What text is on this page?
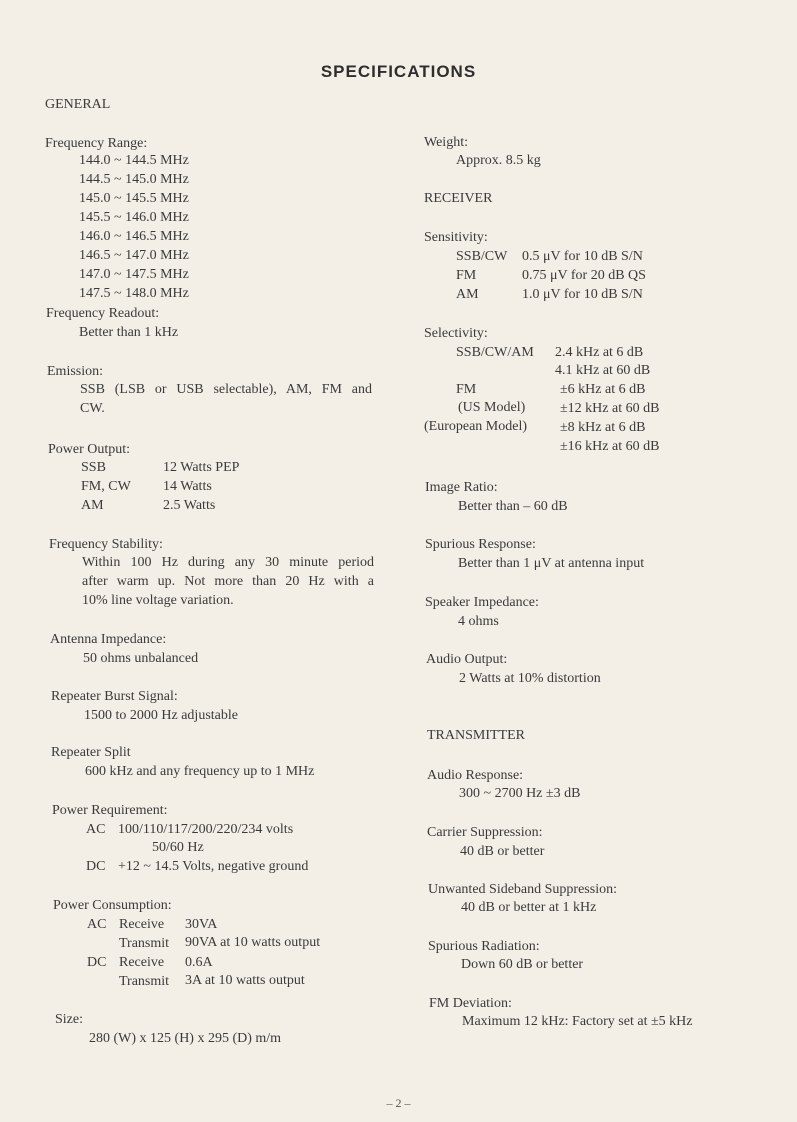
SPECIFICATIONS
GENERAL
Frequency Range:
144.0 ~ 144.5 MHz
144.5 ~ 145.0 MHz
145.0 ~ 145.5 MHz
145.5 ~ 146.0 MHz
146.0 ~ 146.5 MHz
146.5 ~ 147.0 MHz
147.0 ~ 147.5 MHz
147.5 ~ 148.0 MHz
Frequency Readout:
Better than 1 kHz
Emission:
SSB (LSB or USB selectable), AM, FM and
CW.
Power Output:
SSB	12 Watts PEP
FM, CW 14 Watts
AM	2.5 Watts
Frequency Stability:
Within 100 Hz during any 30 minute period
after warm up. Not more than 20 Hz with a
10% line voltage variation.
Antenna Impedance:
50 ohms unbalanced
Repeater Burst Signal:
1500 to 2000 Hz adjustable
Repeater Split
600 kHz and any frequency up to 1 MHz
Power Requirement:
AC 100/110/117/200/220/234 volts
50/60 Hz
DC +12 ~ 14.5 Volts, negative ground
Power Consumption:
AC Receive 30VA
Transmit 90VA at 10 watts output
DC Receive 0.6A
Transmit 3A at 10 watts output
Size:
280 (W) x 125 (H) x 295 (D) m/m
Weight:
Approx. 8.5 kg
RECEIVER
Sensitivity:
SSB/CW 0.5 μV for 10 dB S/N
FM	0.75 μV for 20 dB QS
AM	1.0 μV for 10 dB S/N
Selectivity:
SSB/CW/AM 2.4 kHz at 6 dB
4.1 kHz at 60 dB
FM	±6 kHz at 6 dB
(US Model) ±12 kHz at 60 dB
(European Model) ±8 kHz at 6 dB
±16 kHz at 60 dB
Image Ratio:
Better than – 60 dB
Spurious Response:
Better than 1 μV at antenna input
Speaker Impedance:
4 ohms
Audio Output:
2 Watts at 10% distortion
TRANSMITTER
Audio Response:
300 ~ 2700 Hz ±3 dB
Carrier Suppression:
40 dB or better
Unwanted Sideband Suppression:
40 dB or better at 1 kHz
Spurious Radiation:
Down 60 dB or better
FM Deviation:
Maximum 12 kHz: Factory set at ±5 kHz
– 2 –
